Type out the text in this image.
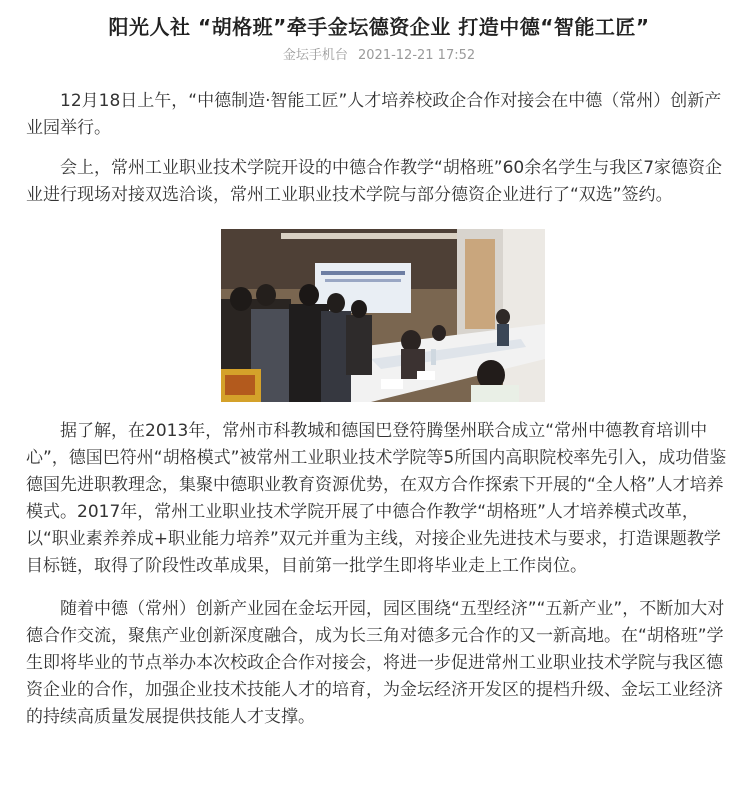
阳光人社 “胡格班”牵手金坛德资企业 打造中德“智能工匠”
金坛手机台 2021-12-21 17:52

12月18日上午，“中德制造·智能工匠”人才培养校政企合作对接会在中德（常州）创新产业园举行。

会上，常州工业职业技术学院开设的中德合作教学“胡格班”60余名学生与我区7家德资企业进行现场对接双选洽谈，常州工业职业技术学院与部分德资企业进行了“双选”签约。

据了解，在2013年，常州市科教城和德国巴登符腾堡州联合成立“常州中德教育培训中心”，德国巴符州“胡格模式”被常州工业职业技术学院等5所国内高职院校率先引入，成功借鉴德国先进职教理念，集聚中德职业教育资源优势，在双方合作探索下开展的“全人格”人才培养模式。2017年，常州工业职业技术学院开展了中德合作教学“胡格班”人才培养模式改革，以“职业素养养成+职业能力培养”双元并重为主线，对接企业先进技术与要求，打造课题教学目标链，取得了阶段性改革成果，目前第一批学生即将毕业走上工作岗位。

随着中德（常州）创新产业园在金坛开园，园区围绕“五型经济”“五新产业”，不断加大对德合作交流，聚焦产业创新深度融合，成为长三角对德多元合作的又一新高地。在“胡格班”学生即将毕业的节点举办本次校政企合作对接会，将进一步促进常州工业职业技术学院与我区德资企业的合作，加强企业技术技能人才的培育，为金坛经济开发区的提档升级、金坛工业经济的持续高质量发展提供技能人才支撑。
